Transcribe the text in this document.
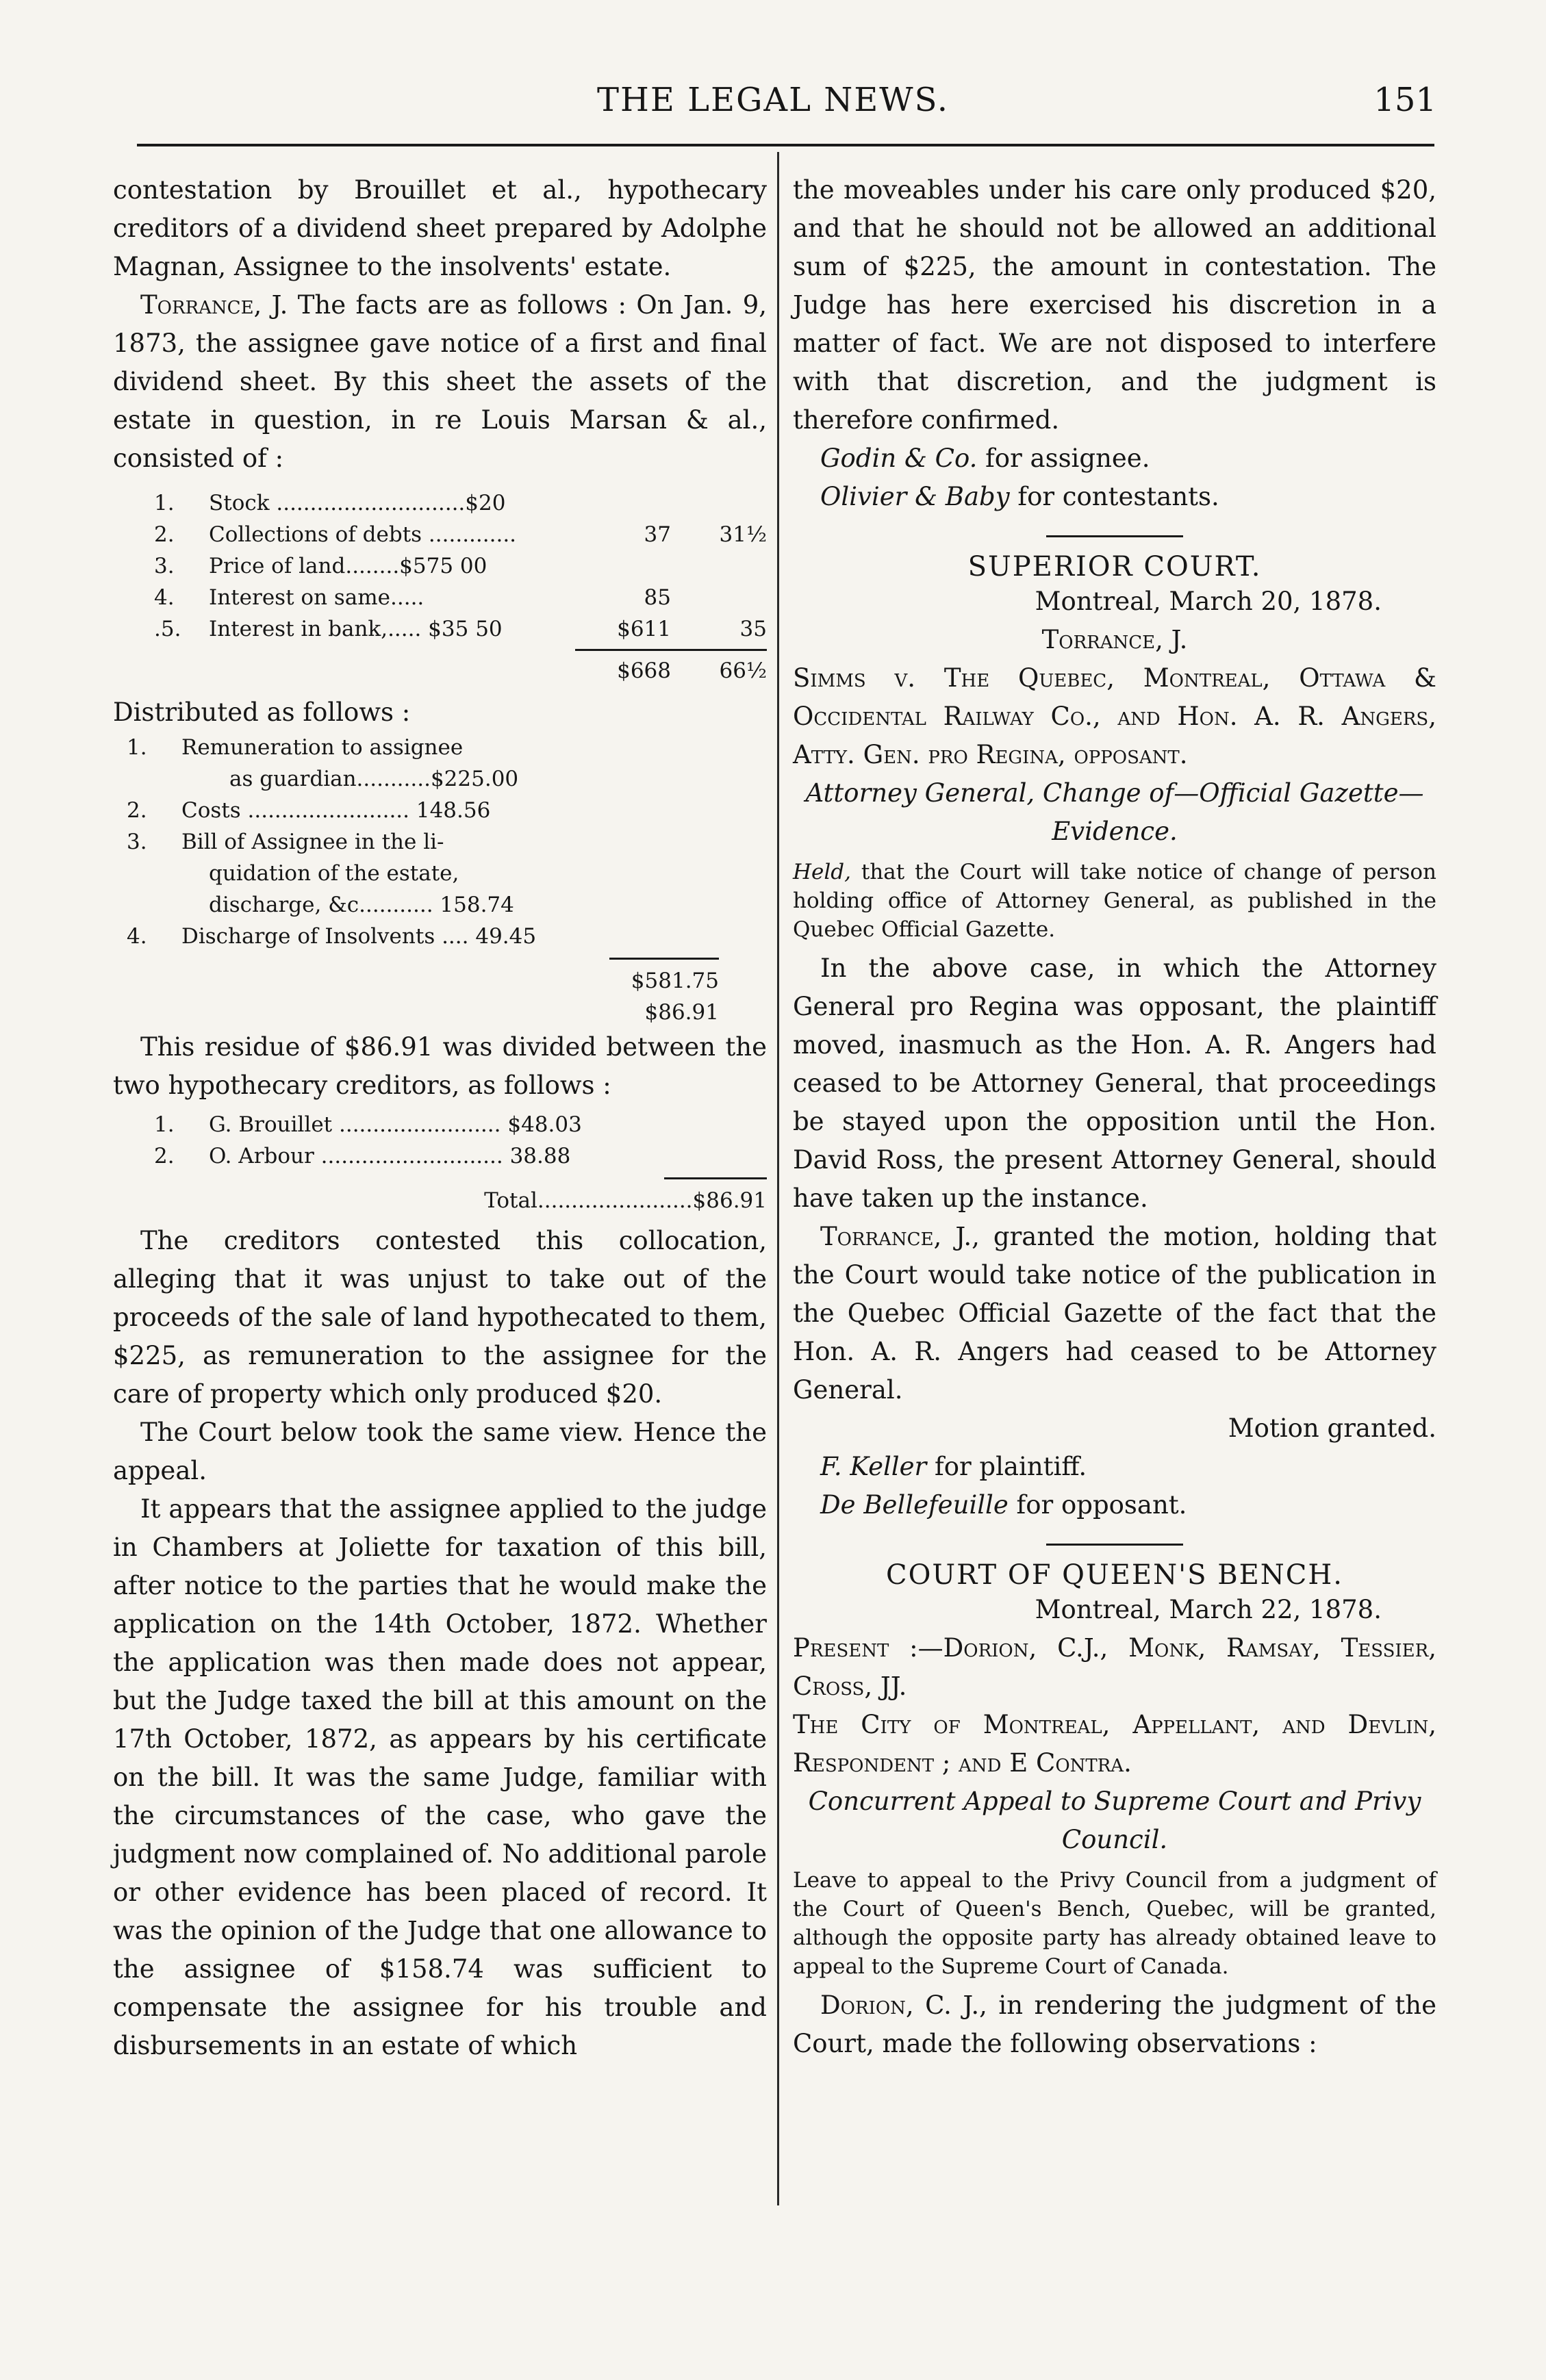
THE LEGAL NEWS.	151

contestation by Brouillet et al., hypothecary creditors of a dividend sheet prepared by Adolphe Magnan, Assignee to the insolvents' estate.

Torrance, J. The facts are as follows : On Jan. 9, 1873, the assignee gave notice of a first and final dividend sheet. By this sheet the assets of the estate in question, in re Louis Marsan & al., consisted of :

1.	Stock ............................$20
2.	Collections of debts .............	37	31½
3.	Price of land........$575 00
4.	Interest on same.....	85
.5.	Interest in bank,..... $35 50	$611	35
$668	66½

Distributed as follows :

1.	Remuneration to assignee
as guardian...........$225.00
2.	Costs ........................ 148.56
3.	Bill of Assignee in the li-
quidation of the estate,
discharge, &c........... 158.74
4.	Discharge of Insolvents .... 49.45
$581.75
$86.91

This residue of $86.91 was divided between the two hypothecary creditors, as follows :

1.	G. Brouillet ........................ $48.03
2.	O. Arbour ........................... 38.88
Total.......................$86.91

The creditors contested this collocation, alleging that it was unjust to take out of the proceeds of the sale of land hypothecated to them, $225, as remuneration to the assignee for the care of property which only produced $20.

The Court below took the same view. Hence the appeal.

It appears that the assignee applied to the judge in Chambers at Joliette for taxation of this bill, after notice to the parties that he would make the application on the 14th October, 1872. Whether the application was then made does not appear, but the Judge taxed the bill at this amount on the 17th October, 1872, as appears by his certificate on the bill. It was the same Judge, familiar with the circumstances of the case, who gave the judgment now complained of. No additional parole or other evidence has been placed of record. It was the opinion of the Judge that one allowance to the assignee of $158.74 was sufficient to compensate the assignee for his trouble and disbursements in an estate of which

the moveables under his care only produced $20, and that he should not be allowed an additional sum of $225, the amount in contestation. The Judge has here exercised his discretion in a matter of fact. We are not disposed to interfere with that discretion, and the judgment is therefore confirmed.

Godin & Co. for assignee.

Olivier & Baby for contestants.

SUPERIOR COURT.

Montreal, March 20, 1878.

Torrance, J.

Simms v. The Quebec, Montreal, Ottawa & Occidental Railway Co., and Hon. A. R. Angers, Atty. Gen. pro Regina, opposant.

Attorney General, Change of—Official Gazette—Evidence.

Held, that the Court will take notice of change of person holding office of Attorney General, as published in the Quebec Official Gazette.

In the above case, in which the Attorney General pro Regina was opposant, the plaintiff moved, inasmuch as the Hon. A. R. Angers had ceased to be Attorney General, that proceedings be stayed upon the opposition until the Hon. David Ross, the present Attorney General, should have taken up the instance.

Torrance, J., granted the motion, holding that the Court would take notice of the publication in the Quebec Official Gazette of the fact that the Hon. A. R. Angers had ceased to be Attorney General.

Motion granted.

F. Keller for plaintiff.

De Bellefeuille for opposant.

COURT OF QUEEN'S BENCH.

Montreal, March 22, 1878.

Present :—Dorion, C.J., Monk, Ramsay, Tessier, Cross, JJ.

The City of Montreal, Appellant, and Devlin, Respondent ; and E Contra.

Concurrent Appeal to Supreme Court and Privy Council.

Leave to appeal to the Privy Council from a judgment of the Court of Queen's Bench, Quebec, will be granted, although the opposite party has already obtained leave to appeal to the Supreme Court of Canada.

Dorion, C. J., in rendering the judgment of the Court, made the following observations :
